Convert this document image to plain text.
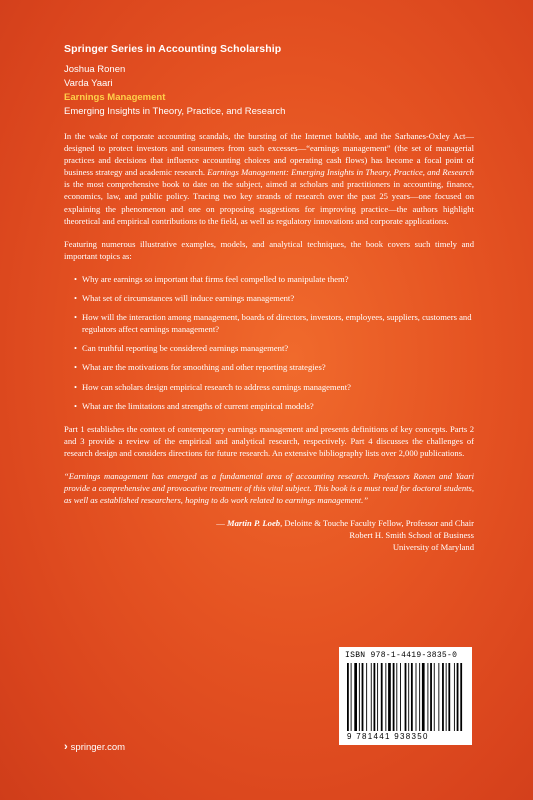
Springer Series in Accounting Scholarship
Joshua Ronen
Varda Yaari
Earnings Management
Emerging Insights in Theory, Practice, and Research

In the wake of corporate accounting scandals, the bursting of the Internet bubble, and the Sarbanes-Oxley Act—designed to protect investors and consumers from such excesses—“earnings management” (the set of managerial practices and decisions that influence accounting choices and operating cash flows) has become a focal point of business strategy and academic research. Earnings Management: Emerging Insights in Theory, Practice, and Research is the most comprehensive book to date on the subject, aimed at scholars and practitioners in accounting, finance, economics, law, and public policy. Tracing two key strands of research over the past 25 years—one focused on explaining the phenomenon and one on proposing suggestions for improving practice—the authors highlight theoretical and empirical contributions to the field, as well as regulatory innovations and corporate applications.

Featuring numerous illustrative examples, models, and analytical techniques, the book covers such timely and important topics as:

• Why are earnings so important that firms feel compelled to manipulate them?
• What set of circumstances will induce earnings management?
• How will the interaction among management, boards of directors, investors, employees, suppliers, customers and regulators affect earnings management?
• Can truthful reporting be considered earnings management?
• What are the motivations for smoothing and other reporting strategies?
• How can scholars design empirical research to address earnings management?
• What are the limitations and strengths of current empirical models?

Part 1 establishes the context of contemporary earnings management and presents definitions of key concepts. Parts 2 and 3 provide a review of the empirical and analytical research, respectively. Part 4 discusses the challenges of research design and considers directions for future research. An extensive bibliography lists over 2,000 publications.

“Earnings management has emerged as a fundamental area of accounting research. Professors Ronen and Yaari provide a comprehensive and provocative treatment of this vital subject. This book is a must read for doctoral students, as well as established researchers, hoping to do work related to earnings management.”

— Martin P. Loeb, Deloitte & Touche Faculty Fellow, Professor and Chair
Robert H. Smith School of Business
University of Maryland
ISBN 978-1-4419-3835-0
9 781441 938350
› springer.com
